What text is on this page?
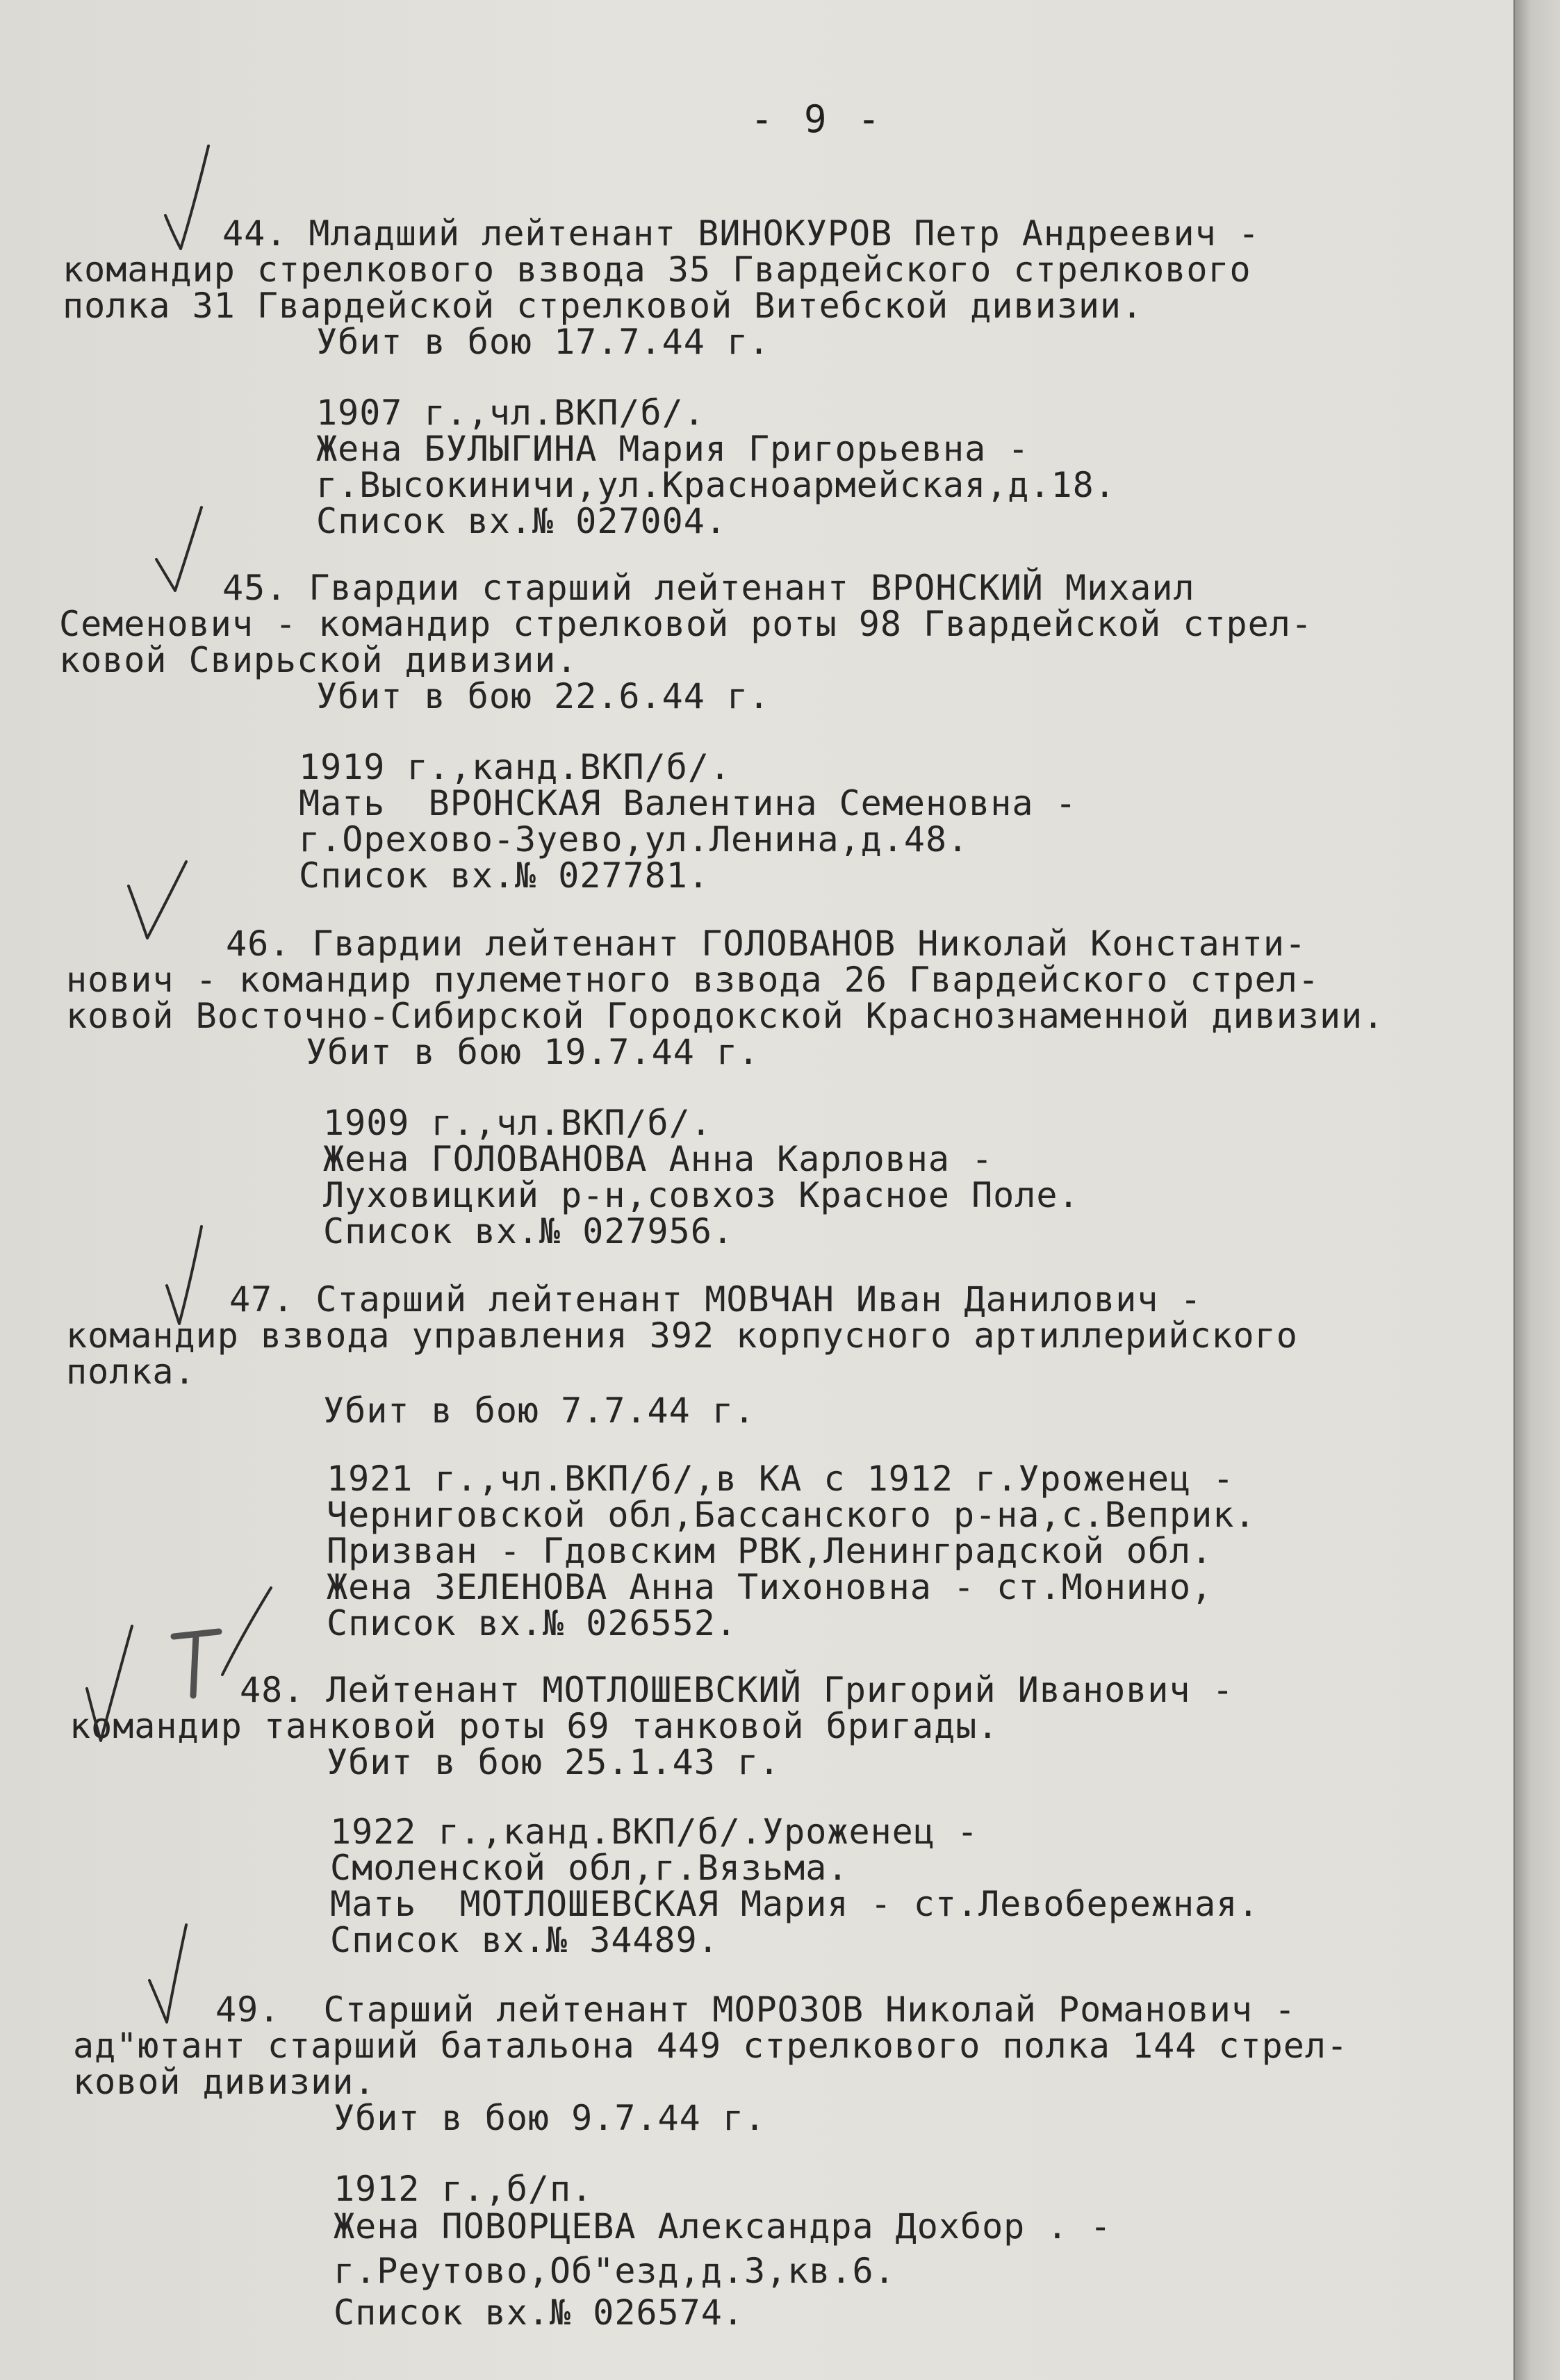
- 9 -
44. Младший лейтенант ВИНОКУРОВ Петр Андреевич -
командир стрелкового взвода 35 Гвардейского стрелкового
полка 31 Гвардейской стрелковой Витебской дивизии.
Убит в бою 17.7.44 г.
1907 г.,чл.ВКП/б/.
Жена БУЛЫГИНА Мария Григорьевна -
г.Высокиничи,ул.Красноармейская,д.18.
Список вх.№ 027004.
45. Гвардии старший лейтенант ВРОНСКИЙ Михаил
Семенович - командир стрелковой роты 98 Гвардейской стрел-
ковой Свирьской дивизии.
Убит в бою 22.6.44 г.
1919 г.,канд.ВКП/б/.
Мать  ВРОНСКАЯ Валентина Семеновна -
г.Орехово-Зуево,ул.Ленина,д.48.
Список вх.№ 027781.
46. Гвардии лейтенант ГОЛОВАНОВ Николай Константи-
нович - командир пулеметного взвода 26 Гвардейского стрел-
ковой Восточно-Сибирской Городокской Краснознаменной дивизии.
Убит в бою 19.7.44 г.
1909 г.,чл.ВКП/б/.
Жена ГОЛОВАНОВА Анна Карловна -
Луховицкий р-н,совхоз Красное Поле.
Список вх.№ 027956.
47. Старший лейтенант МОВЧАН Иван Данилович -
командир взвода управления 392 корпусного артиллерийского
полка.
Убит в бою 7.7.44 г.
1921 г.,чл.ВКП/б/,в КА с 1912 г.Уроженец -
Черниговской обл,Бассанского р-на,с.Веприк.
Призван - Гдовским РВК,Ленинградской обл.
Жена ЗЕЛЕНОВА Анна Тихоновна - ст.Монино,
Список вх.№ 026552.
48. Лейтенант МОТЛОШЕВСКИЙ Григорий Иванович -
командир танковой роты 69 танковой бригады.
Убит в бою 25.1.43 г.
1922 г.,канд.ВКП/б/.Уроженец -
Смоленской обл,г.Вязьма.
Мать  МОТЛОШЕВСКАЯ Мария - ст.Левобережная.
Список вх.№ 34489.
49.  Старший лейтенант МОРОЗОВ Николай Романович -
ад"ютант старший батальона 449 стрелкового полка 144 стрел-
ковой дивизии.
Убит в бою 9.7.44 г.
1912 г.,б/п.
Жена ПОВОРЦЕВА Александра Дохбор . -
г.Реутово,Об"езд,д.3,кв.6.
Список вх.№ 026574.
